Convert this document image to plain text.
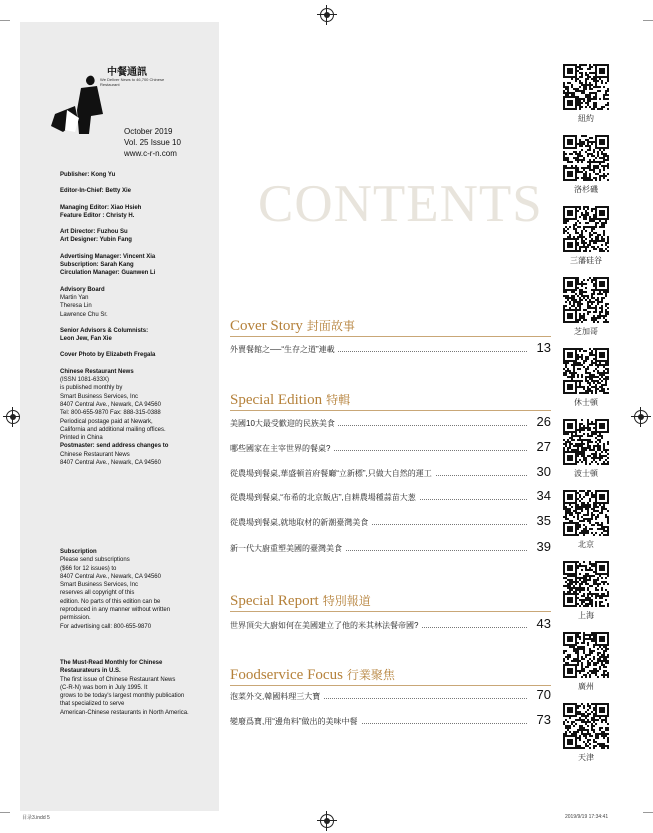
中餐通訊
We Deliver News to 46,700 Chinese Restaurant
October 2019
Vol. 25 Issue 10
www.c-r-n.com
Publisher: Kong Yu
Editor-In-Chief: Betty Xie
Managing Editor: Xiao Hsieh
Feature Editor : Christy H.
Art Director: Fuzhou Su
Art Designer: Yubin Fang
Advertising Manager: Vincent Xia
Subscription: Sarah Kang
Circulation Manager: Guanwen Li
Advisory Board
Martin Yan
Theresa Lin
Lawrence Chu Sr.
Senior Advisors & Columnists:
Leon Jew, Fan Xie
Cover Photo by Elizabeth Fregala
Chinese Restaurant News
(ISSN 1081-633X)
is published monthly by
Smart Business Services, Inc
8407 Central Ave., Newark, CA 94560
Tel: 800-655-9870 Fax: 888-315-0388
Periodical postage paid at Newark,
California and additional mailing offices.
Printed in China
Postmaster: send address changes to
Chinese Restaurant News
8407 Central Ave., Newark, CA 94560
Subscription
Please send subscriptions
($66 for 12 issues) to
8407 Central Ave., Newark, CA 94560
Smart Business Services, Inc
reserves all copyright of this
edition. No parts of this edition can be
reproduced in any manner without written
permission.
For advertising call: 800-655-9870
The Must-Read Monthly for Chinese
Restaurateurs in U.S.
The first issue of Chinese Restaurant News
(C-R-N) was born in July 1995. It
grows to be today's largest monthly publication
that specialized to serve
American-Chinese restaurants in North America.
CONTENTS
Cover Story 封面故事
外賣餐館之──“生存之道”連載	13
Special Edition 特輯
美國10大最受歡迎的民族美食	26
哪些國家在主宰世界的餐桌?	27
從農場到餐桌,華盛頓首府餐廳“立新標”,只做大自然的運工	30
從農場到餐桌,“布希的北京飯店”,自耕農場種蒜苗大葱	34
從農場到餐桌,就地取材的新潮臺灣美食	35
新一代大廚重塑美國的臺灣美食	39
Special Report 特別報道
世界頂尖大廚如何在美國建立了他的米其林法餐帝國?	43
Foodservice Focus 行業聚焦
泡菜外交,韓國料理三大寶	70
變廢爲寶,用“邊角料”做出的美味中餐	73
紐約
洛杉磯
三藩硅谷
芝加哥
休士頓
波士頓
北京
上海
廣州
天津
目录3.indd 5	2019/9/19 17:34:41
